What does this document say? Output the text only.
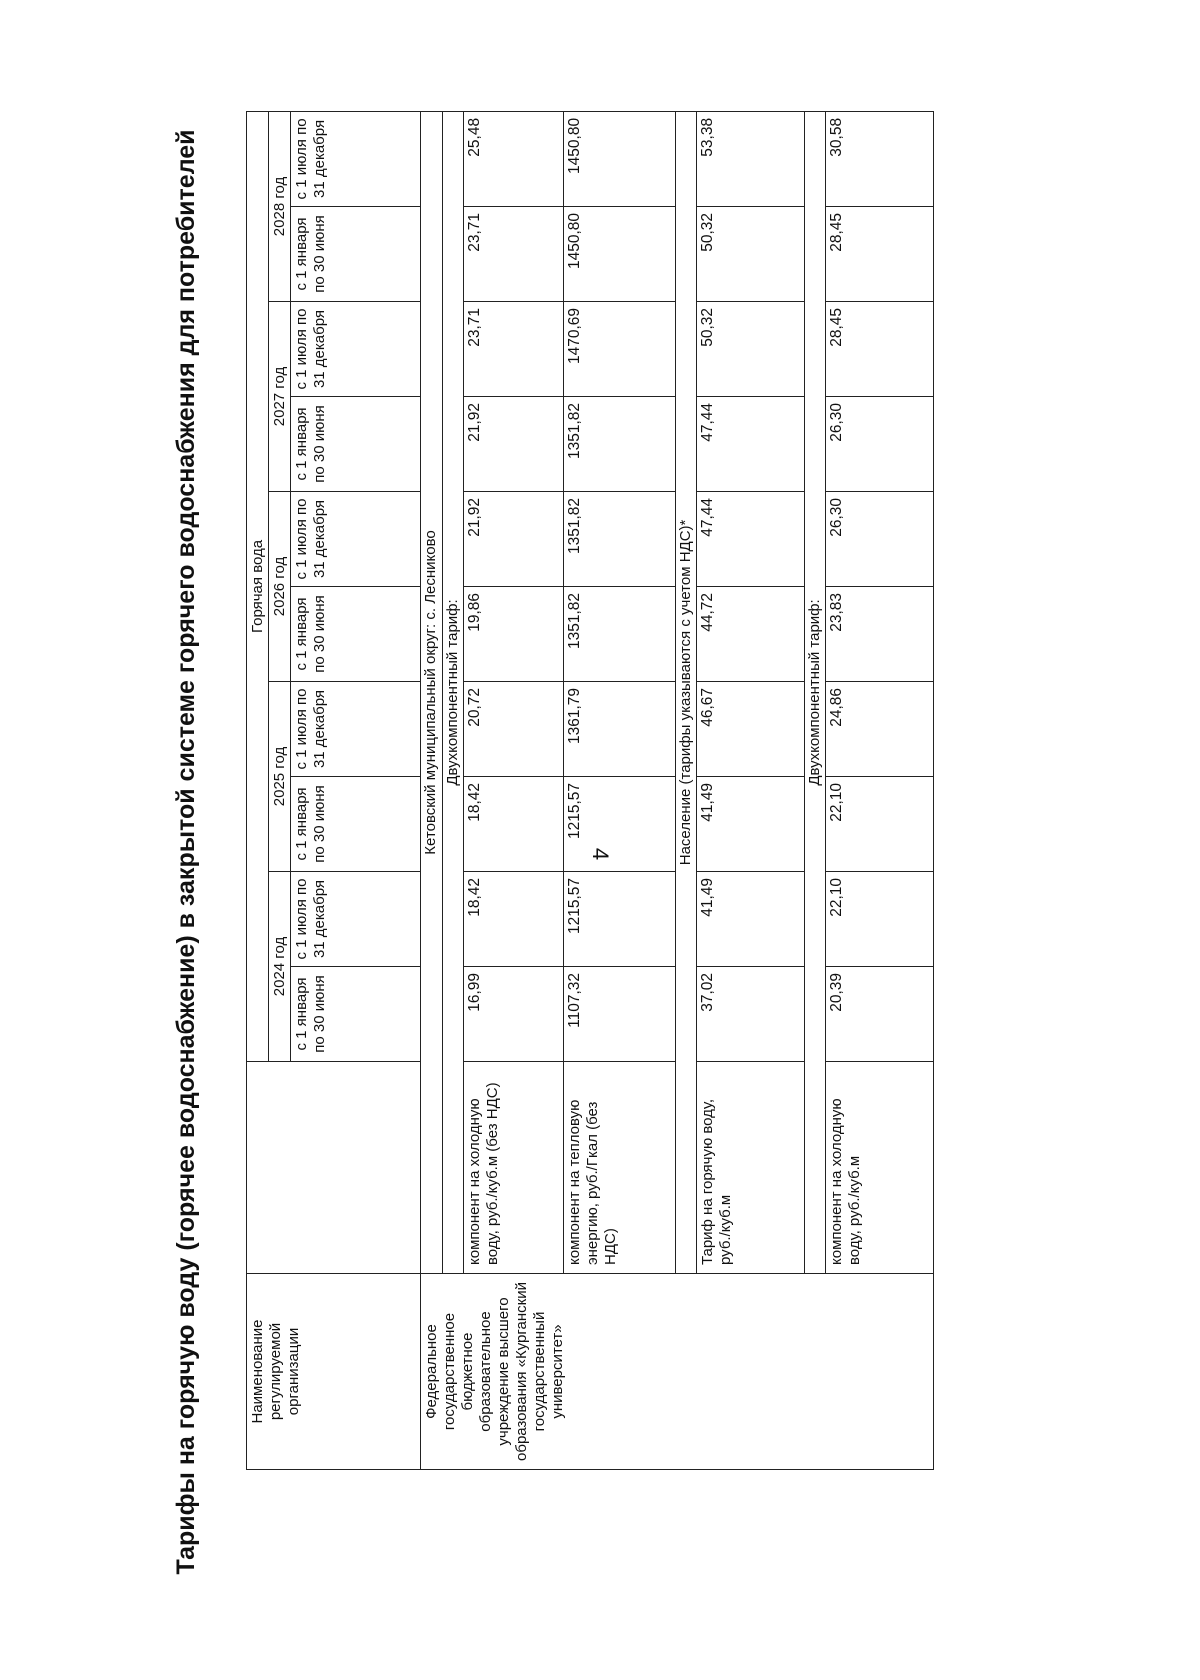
4
Тарифы на горячую воду (горячее водоснабжение) в закрытой системе горячего водоснабжения для потребителей	Наименование регулируемой организации		Горячая вода									
		2024 год		2025 год		2026 год		2027 год		2028 год	
		с 1 января по 30 июня	с 1 июля по 31 декабря	с 1 января по 30 июня	с 1 июля по 31 декабря	с 1 января по 30 июня	с 1 июля по 31 декабря	с 1 января по 30 июня	с 1 июля по 31 декабря	с 1 января по 30 июня	с 1 июля по 31 декабря
Федеральное государственное бюджетное образовательное учреждение высшего образования «Курганский государственный университет»	Кетовский муниципальный округ: с. Лесниково										
	Двухкомпонентный тариф:										
	компонент на холодную воду, руб./куб.м (без НДС)	16,99	18,42	18,42	20,72	19,86	21,92	21,92	23,71	23,71	25,48
	компонент на тепловую энергию, руб./Гкал (без НДС)	1107,32	1215,57	1215,57	1361,79	1351,82	1351,82	1351,82	1470,69	1450,80	1450,80
	Население (тарифы указываются с учетом НДС)*										
	Тариф на горячую воду, руб./куб.м	37,02	41,49	41,49	46,67	44,72	47,44	47,44	50,32	50,32	53,38
	Двухкомпонентный тариф:										
	компонент на холодную воду, руб./куб.м	20,39	22,10	22,10	24,86	23,83	26,30	26,30	28,45	28,45	30,58
